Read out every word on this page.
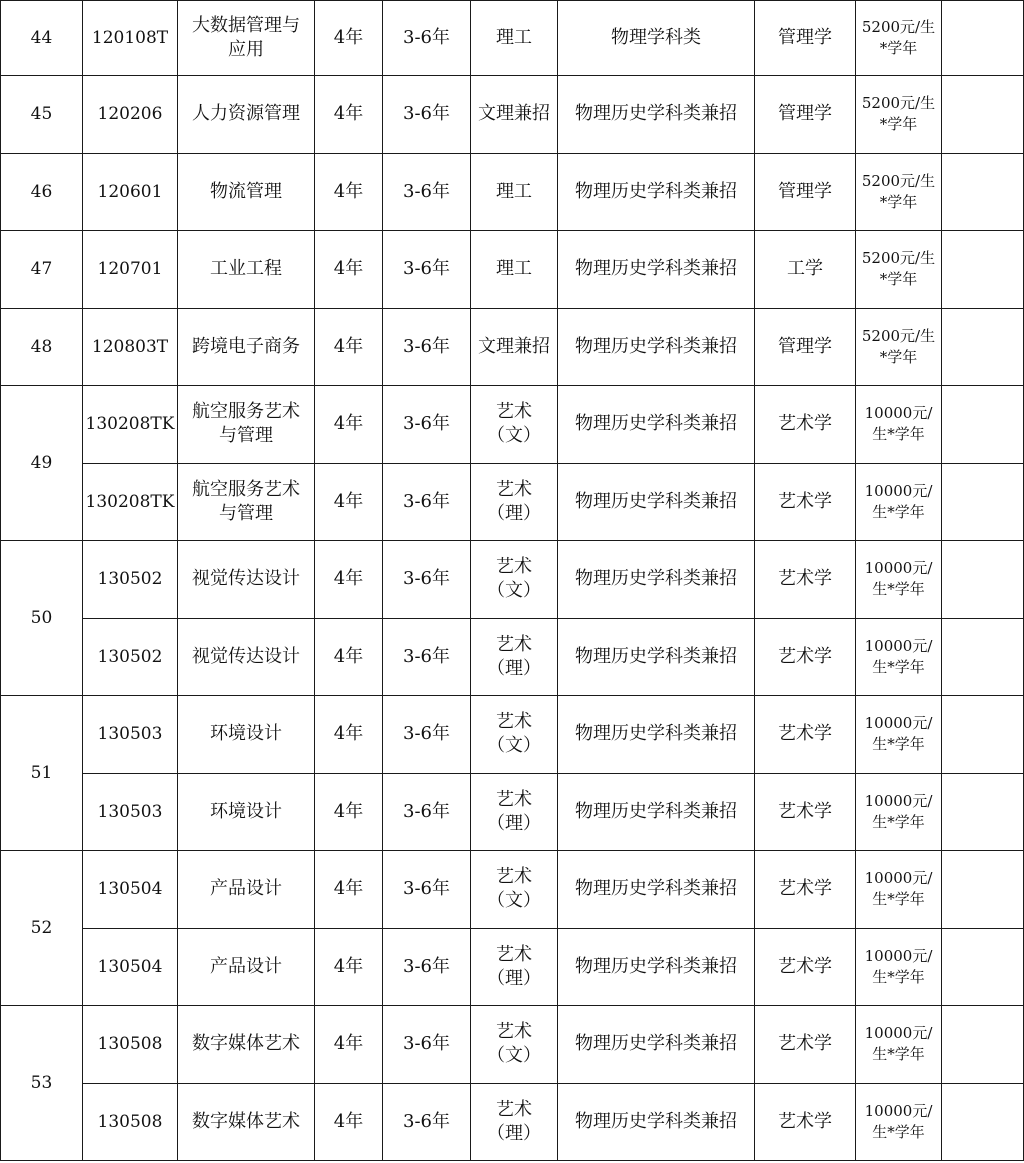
44	120108T	大数据管理与
应用	4年	3-6年	理工	物理学科类	管理学	5200元/生
*学年	

45	120206	人力资源管理	4年	3-6年	文理兼招	物理历史学科类兼招	管理学	5200元/生
*学年	

46	120601	物流管理	4年	3-6年	理工	物理历史学科类兼招	管理学	5200元/生
*学年	

47	120701	工业工程	4年	3-6年	理工	物理历史学科类兼招	工学	5200元/生
*学年	

48	120803T	跨境电子商务	4年	3-6年	文理兼招	物理历史学科类兼招	管理学	5200元/生
*学年	

49	130208TK	航空服务艺术
与管理	4年	3-6年	艺术
（文）	物理历史学科类兼招	艺术学	10000元/
生*学年	

	130208TK	航空服务艺术
与管理	4年	3-6年	艺术
（理）	物理历史学科类兼招	艺术学	10000元/
生*学年	

50	130502	视觉传达设计	4年	3-6年	艺术
（文）	物理历史学科类兼招	艺术学	10000元/
生*学年	

	130502	视觉传达设计	4年	3-6年	艺术
（理）	物理历史学科类兼招	艺术学	10000元/
生*学年	

51	130503	环境设计	4年	3-6年	艺术
（文）	物理历史学科类兼招	艺术学	10000元/
生*学年	

	130503	环境设计	4年	3-6年	艺术
（理）	物理历史学科类兼招	艺术学	10000元/
生*学年	

52	130504	产品设计	4年	3-6年	艺术
（文）	物理历史学科类兼招	艺术学	10000元/
生*学年	

	130504	产品设计	4年	3-6年	艺术
（理）	物理历史学科类兼招	艺术学	10000元/
生*学年	

53	130508	数字媒体艺术	4年	3-6年	艺术
（文）	物理历史学科类兼招	艺术学	10000元/
生*学年	

	130508	数字媒体艺术	4年	3-6年	艺术
（理）	物理历史学科类兼招	艺术学	10000元/
生*学年	
